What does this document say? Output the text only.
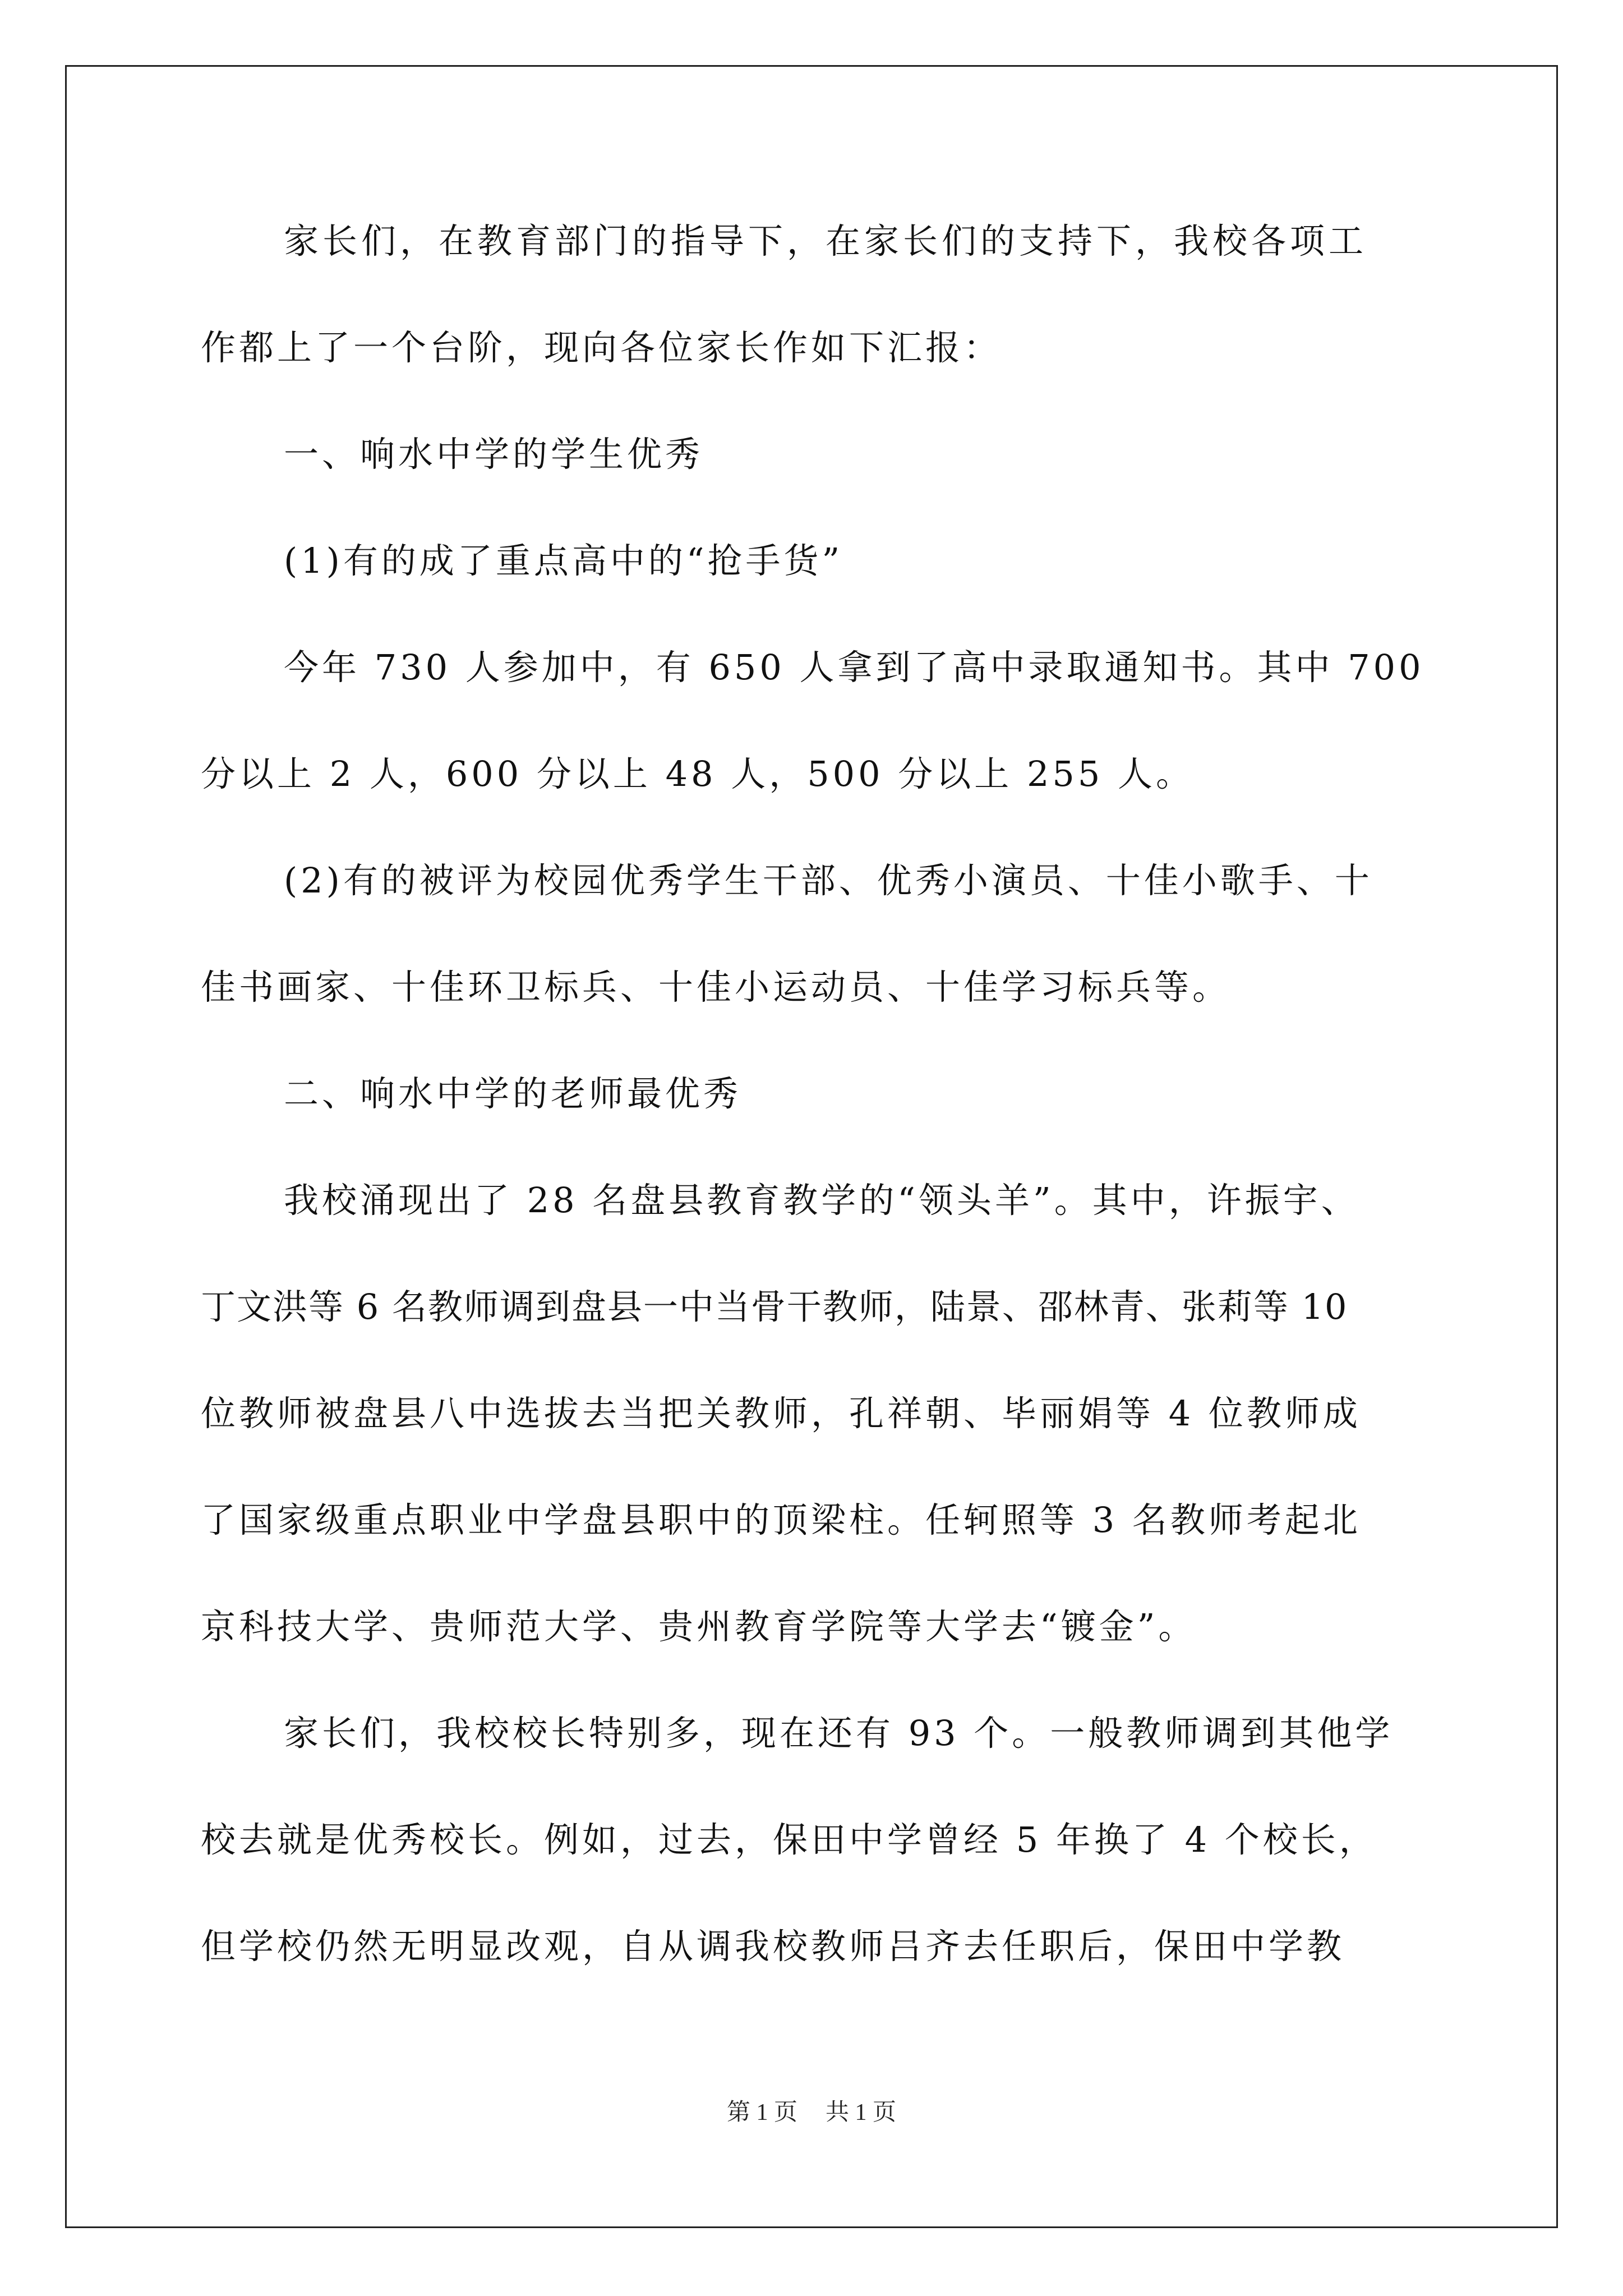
家长们，在教育部门的指导下，在家长们的支持下，我校各项工
作都上了一个台阶，现向各位家长作如下汇报：
一、响水中学的学生优秀
(1)有的成了重点高中的“抢手货”
今年 730 人参加中，有 650 人拿到了高中录取通知书。其中 700
分以上 2 人，600 分以上 48 人，500 分以上 255 人。
(2)有的被评为校园优秀学生干部、优秀小演员、十佳小歌手、十
佳书画家、十佳环卫标兵、十佳小运动员、十佳学习标兵等。
二、响水中学的老师最优秀
我校涌现出了 28 名盘县教育教学的“领头羊”。其中，许振宇、
丁文洪等 6 名教师调到盘县一中当骨干教师，陆景、邵林青、张莉等 10
位教师被盘县八中选拔去当把关教师，孔祥朝、毕丽娟等 4 位教师成
了国家级重点职业中学盘县职中的顶梁柱。任轲照等 3 名教师考起北
京科技大学、贵师范大学、贵州教育学院等大学去“镀金”。
家长们，我校校长特别多，现在还有 93 个。一般教师调到其他学
校去就是优秀校长。例如，过去，保田中学曾经 5 年换了 4 个校长，
但学校仍然无明显改观，自从调我校教师吕齐去任职后，保田中学教
第 1 页 共 1 页
